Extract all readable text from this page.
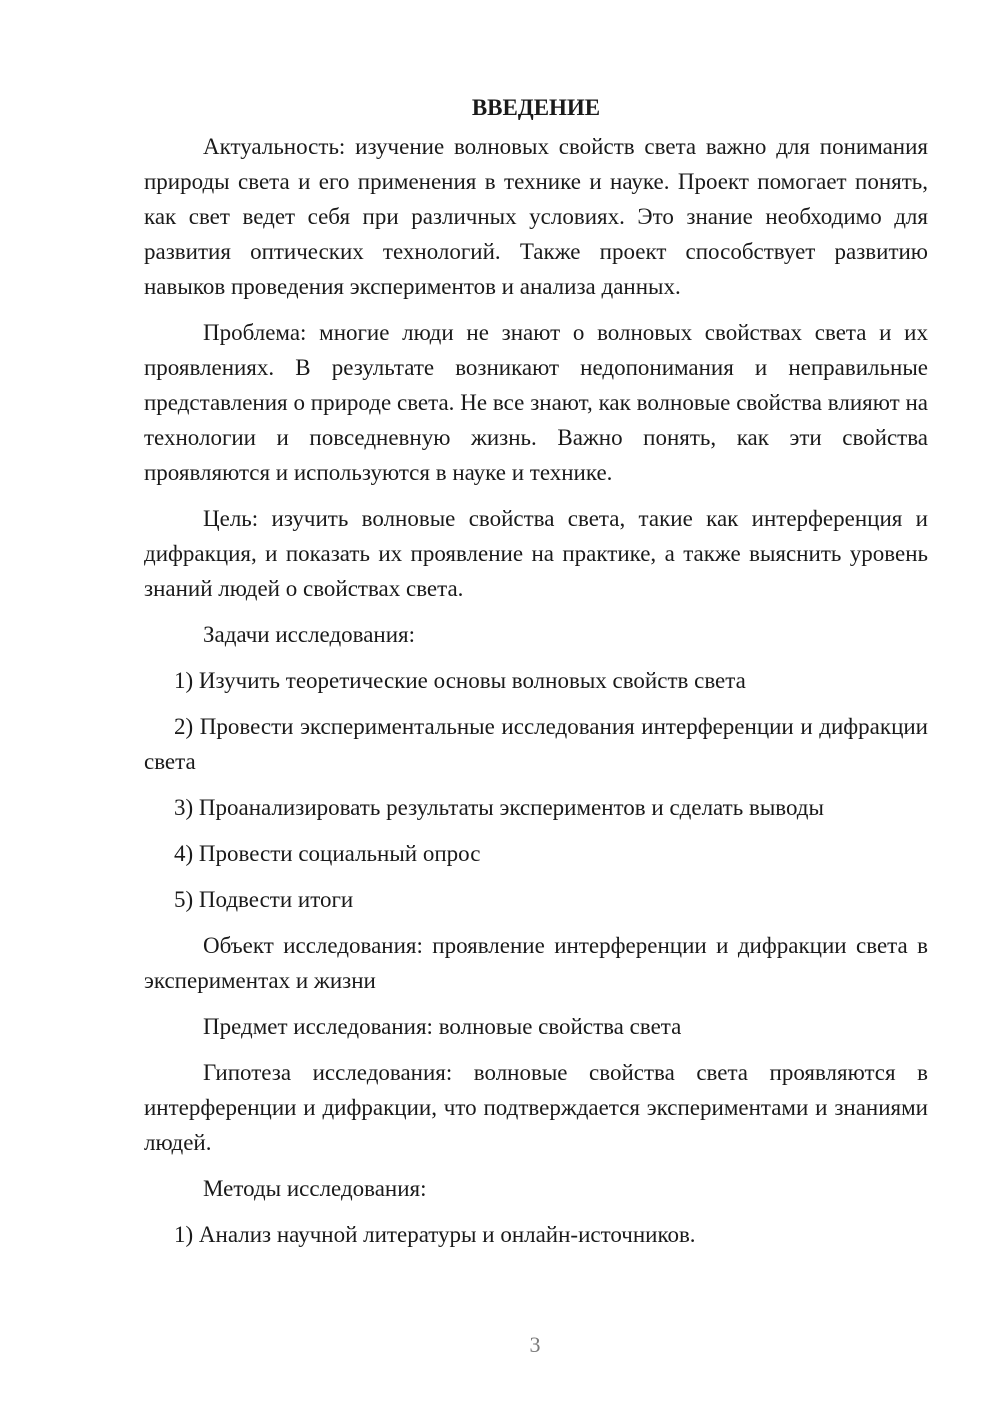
ВВЕДЕНИЕ

Актуальность: изучение волновых свойств света важно для понимания природы света и его применения в технике и науке. Проект помогает понять, как свет ведет себя при различных условиях. Это знание необходимо для развития оптических технологий. Также проект способствует развитию навыков проведения экспериментов и анализа данных.

Проблема: многие люди не знают о волновых свойствах света и их проявлениях. В результате возникают недопонимания и неправильные представления о природе света. Не все знают, как волновые свойства влияют на технологии и повседневную жизнь. Важно понять, как эти свойства проявляются и используются в науке и технике.

Цель: изучить волновые свойства света, такие как интерференция и дифракция, и показать их проявление на практике, а также выяснить уровень знаний людей о свойствах света.

Задачи исследования:

1) Изучить теоретические основы волновых свойств света

2) Провести экспериментальные исследования интерференции и дифракции света

3) Проанализировать результаты экспериментов и сделать выводы

4) Провести социальный опрос

5) Подвести итоги

Объект исследования: проявление интерференции и дифракции света в экспериментах и жизни

Предмет исследования: волновые свойства света

Гипотеза исследования: волновые свойства света проявляются в интерференции и дифракции, что подтверждается экспериментами и знаниями людей.

Методы исследования:

1) Анализ научной литературы и онлайн-источников.

3
